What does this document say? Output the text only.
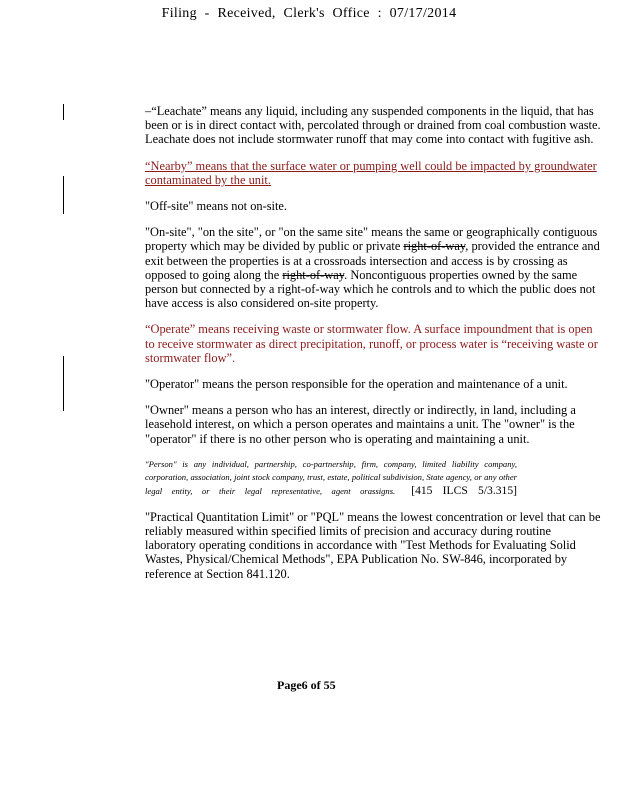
Filing - Received, Clerk's Office : 07/17/2014

–“Leachate” means any liquid, including any suspended components in the liquid, that has been or is in direct contact with, percolated through or drained from coal combustion waste. Leachate does not include stormwater runoff that may come into contact with fugitive ash.

“Nearby” means that the surface water or pumping well could be impacted by groundwater contaminated by the unit.

"Off-site" means not on-site.

"On-site", "on the site", or "on the same site" means the same or geographically contiguous property which may be divided by public or private right-of-way, provided the entrance and exit between the properties is at a crossroads intersection and access is by crossing as opposed to going along the right-of-way. Noncontiguous properties owned by the same person but connected by a right-of-way which he controls and to which the public does not have access is also considered on-site property.

“Operate” means receiving waste or stormwater flow. A surface impoundment that is open to receive stormwater as direct precipitation, runoff, or process water is “receiving waste or stormwater flow”.

"Operator" means the person responsible for the operation and maintenance of a unit.

"Owner" means a person who has an interest, directly or indirectly, in land, including a leasehold interest, on which a person operates and maintains a unit. The "owner" is the "operator" if there is no other person who is operating and maintaining a unit.

"Person" is any individual, partnership, co-partnership, firm, company, limited liability company, corporation, association, joint stock company, trust, estate, political subdivision, State agency, or any other legal entity, or their legal representative, agent orassigns. [415 ILCS 5/3.315]

"Practical Quantitation Limit" or "PQL" means the lowest concentration or level that can be reliably measured within specified limits of precision and accuracy during routine laboratory operating conditions in accordance with "Test Methods for Evaluating Solid Wastes, Physical/Chemical Methods", EPA Publication No. SW-846, incorporated by reference at Section 841.120.

Page6 of 55
